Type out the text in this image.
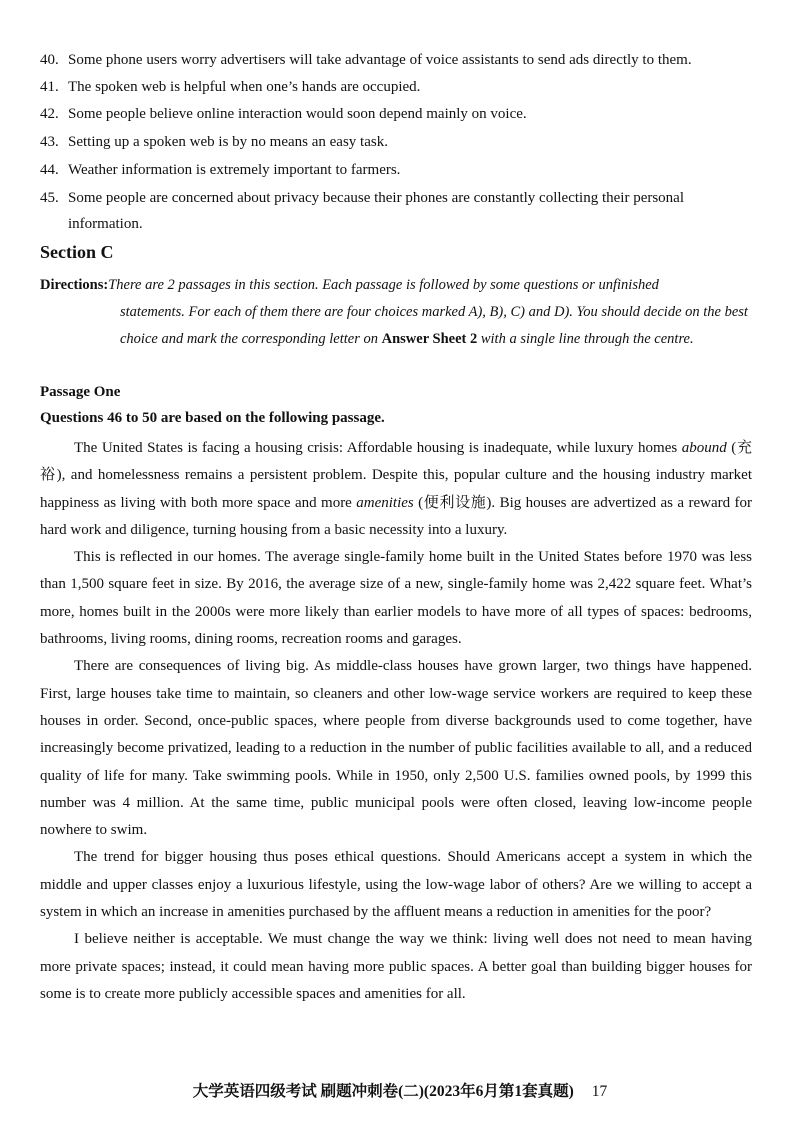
40. Some phone users worry advertisers will take advantage of voice assistants to send ads directly to them.
41. The spoken web is helpful when one’s hands are occupied.
42. Some people believe online interaction would soon depend mainly on voice.
43. Setting up a spoken web is by no means an easy task.
44. Weather information is extremely important to farmers.
45. Some people are concerned about privacy because their phones are constantly collecting their personal
information.
Section C
Directions:There are 2 passages in this section. Each passage is followed by some questions or unfinished
statements. For each of them there are four choices marked A), B), C) and D). You should decide on the best choice and mark the corresponding letter on Answer Sheet 2 with a single line through the centre.
Passage One
Questions 46 to 50 are based on the following passage.

The United States is facing a housing crisis: Affordable housing is inadequate, while luxury homes abound (充裕), and homelessness remains a persistent problem. Despite this, popular culture and the housing industry market happiness as living with both more space and more amenities (便利设施). Big houses are advertized as a reward for hard work and diligence, turning housing from a basic necessity into a luxury.

This is reflected in our homes. The average single-family home built in the United States before 1970 was less than 1,500 square feet in size. By 2016, the average size of a new, single-family home was 2,422 square feet. What’s more, homes built in the 2000s were more likely than earlier models to have more of all types of spaces: bedrooms, bathrooms, living rooms, dining rooms, recreation rooms and garages.

There are consequences of living big. As middle-class houses have grown larger, two things have happened. First, large houses take time to maintain, so cleaners and other low-wage service workers are required to keep these houses in order. Second, once-public spaces, where people from diverse backgrounds used to come together, have increasingly become privatized, leading to a reduction in the number of public facilities available to all, and a reduced quality of life for many. Take swimming pools. While in 1950, only 2,500 U.S. families owned pools, by 1999 this number was 4 million. At the same time, public municipal pools were often closed, leaving low-income people nowhere to swim.

The trend for bigger housing thus poses ethical questions. Should Americans accept a system in which the middle and upper classes enjoy a luxurious lifestyle, using the low-wage labor of others? Are we willing to accept a system in which an increase in amenities purchased by the affluent means a reduction in amenities for the poor?

I believe neither is acceptable. We must change the way we think: living well does not need to mean having more private spaces; instead, it could mean having more public spaces. A better goal than building bigger houses for some is to create more publicly accessible spaces and amenities for all.

大学英语四级考试 刷题冲刺卷(二)(2023年6月第1套真题) 17
